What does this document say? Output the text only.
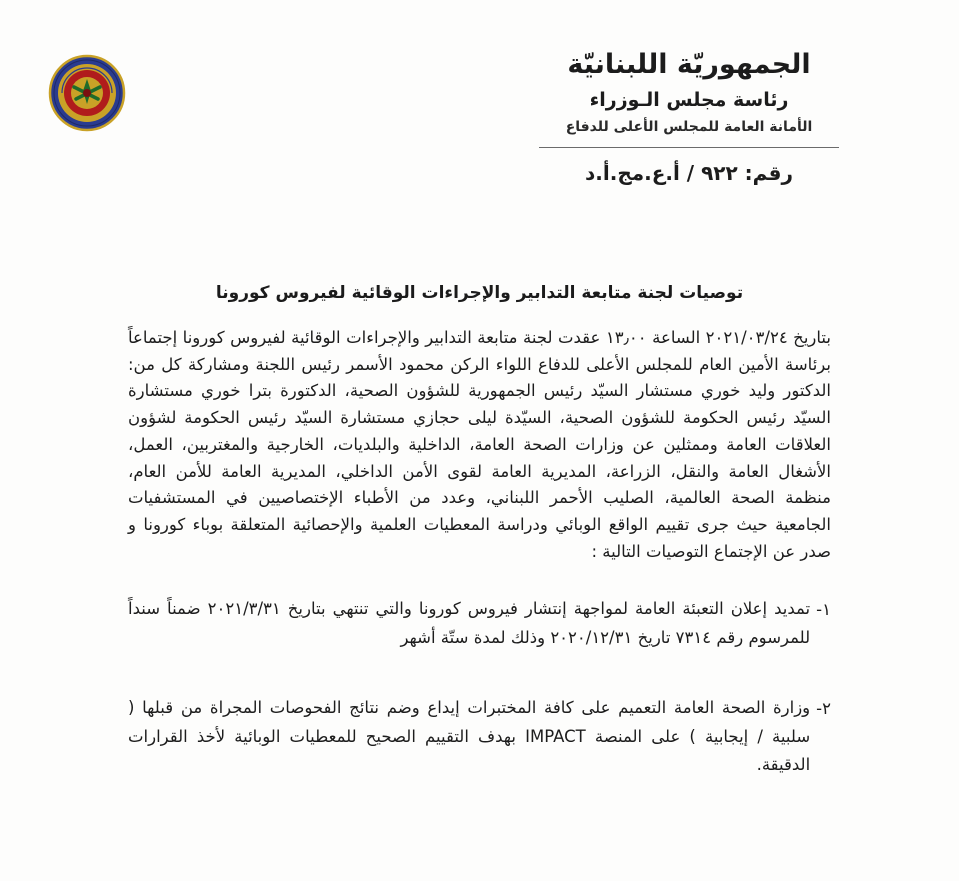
الجمهوريّة اللبنانيّة
رئاسة مجلس الـوزراء
الأمانة العامة للمجلس الأعلى للدفاع
رقم: ٩٢٢ / أ.ع.مج.أ.د
توصيات لجنة متابعة التدابير والإجراءات الوقائية لفيروس كورونا
بتاريخ ٢٠٢١/٠٣/٢٤ الساعة ١٣٫٠٠ عقدت لجنة متابعة التدابير والإجراءات الوقائية لفيروس كورونا إجتماعاً برئاسة الأمين العام للمجلس الأعلى للدفاع اللواء الركن محمود الأسمر رئيس اللجنة ومشاركة كل من: الدكتور وليد خوري مستشار السيّد رئيس الجمهورية للشؤون الصحية، الدكتورة بترا خوري مستشارة السيّد رئيس الحكومة للشؤون الصحية، السيّدة ليلى حجازي مستشارة السيّد رئيس الحكومة لشؤون العلاقات العامة وممثلين عن وزارات الصحة العامة، الداخلية والبلديات، الخارجية والمغتربين، العمل، الأشغال العامة والنقل، الزراعة، المديرية العامة لقوى الأمن الداخلي، المديرية العامة للأمن العام، منظمة الصحة العالمية، الصليب الأحمر اللبناني، وعدد من الأطباء الإختصاصيين في المستشفيات الجامعية حيث جرى تقييم الواقع الوبائي ودراسة المعطيات العلمية والإحصائية المتعلقة بوباء كورونا و صدر عن الإجتماع التوصيات التالية :
١-
تمديد إعلان التعبئة العامة لمواجهة إنتشار فيروس كورونا والتي تنتهي بتاريخ ٢٠٢١/٣/٣١ ضمناً سنداً للمرسوم رقم ٧٣١٤ تاريخ ٢٠٢٠/١٢/٣١ وذلك لمدة ستّة أشهر
٢-
وزارة الصحة العامة التعميم على كافة المختبرات إيداع وضم نتائج الفحوصات المجراة من قبلها ( سلبية / إيجابية ) على المنصة IMPACT بهدف التقييم الصحيح للمعطيات الوبائية لأخذ القرارات الدقيقة.
